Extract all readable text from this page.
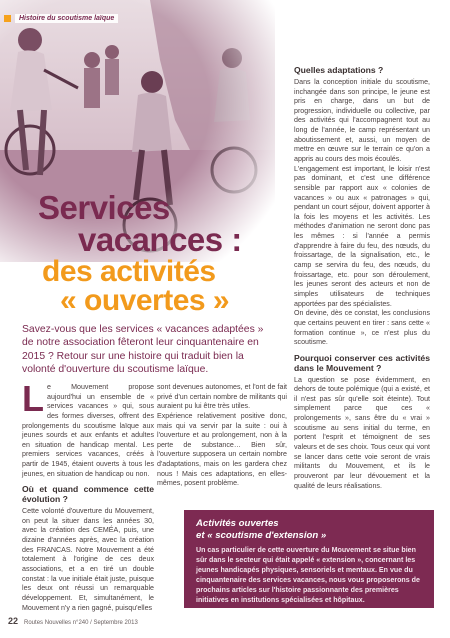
Histoire du scoutisme laïque
Services
vacances :
des activités
« ouvertes »

Savez-vous que les services « vacances adaptées » de notre association fêteront leur cinquantenaire en 2015 ? Retour sur une histoire qui traduit bien la volonté d'ouverture du scoutisme laïque.

L e Mouvement propose aujourd'hui un ensemble de « services vacances » qui, sous des formes diverses, offrent des prolongements du scoutisme laïque aux jeunes sourds et aux enfants et adultes en situation de handicap mental. Les premiers services vacances, créés à partir de 1945, étaient ouverts à tous les jeunes, en situation de handicap ou non.

Où et quand commence cette évolution ?

Cette volonté d'ouverture du Mouvement, on peut la situer dans les années 30, avec la création des CEMÉA, puis, une dizaine d'années après, avec la création des FRANCAS. Notre Mouvement a été totalement à l'origine de ces deux associations, et a en tiré un double constat : la vue initiale était juste, puisque les deux ont réussi un remarquable développement. Et, simultanément, le Mouvement n'y a rien gagné, puisqu'elles

sont devenues autonomes, et l'ont de fait privé d'un certain nombre de militants qui auraient pu lui être très utiles.

Expérience relativement positive donc, mais qui va servir par la suite : oui à l'ouverture et au prolongement, non à la perte de substance… Bien sûr, l'ouverture supposera un certain nombre d'adaptations, mais on les gardera chez nous ! Mais ces adaptations, en elles-mêmes, posent problème.

Quelles adaptations ?

Dans la conception initiale du scoutisme, inchangée dans son principe, le jeune est pris en charge, dans un but de progression, individuelle ou collective, par des activités qui l'accompagnent tout au long de l'année, le camp représentant un aboutissement et, aussi, un moyen de mettre en œuvre sur le terrain ce qu'on a appris au cours des mois écoulés.

L'engagement est important, le loisir n'est pas dominant, et c'est une différence sensible par rapport aux « colonies de vacances » ou aux « patronages » qui, pendant un court séjour, doivent apporter à la fois les moyens et les activités. Les méthodes d'animation ne seront donc pas les mêmes : si l'année a permis d'apprendre à faire du feu, des nœuds, du froissartage, de la signalisation, etc., le camp se servira du feu, des nœuds, du froissartage, etc. pour son déroulement, les jeunes seront des acteurs et non de simples utilisateurs de techniques apportées par des spécialistes.

On devine, dès ce constat, les conclusions que certains peuvent en tirer : sans cette « formation continue », ce n'est plus du scoutisme.

Pourquoi conserver ces activités dans le Mouvement ?

La question se pose évidemment, en dehors de toute polémique (qui a existé, et il n'est pas sûr qu'elle soit éteinte). Tout simplement parce que ces « prolongements », sans être du « vrai » scoutisme au sens initial du terme, en portent l'esprit et témoignent de ses valeurs et de ses choix. Tous ceux qui vont se lancer dans cette voie seront de vrais militants du Mouvement, et ils le prouveront par leur dévouement et la qualité de leurs réalisations.

Activités ouvertes
et « scoutisme d'extension »

Un cas particulier de cette ouverture du Mouvement se situe bien sûr dans le secteur qui était appelé « extension », concernant les jeunes handicapés physiques, sensoriels et mentaux. En vue du cinquantenaire des services vacances, nous vous proposerons de prochains articles sur l'histoire passionnante des premières initiatives en institutions spécialisées et hôpitaux.

22 Routes Nouvelles n°240 / Septembre 2013
